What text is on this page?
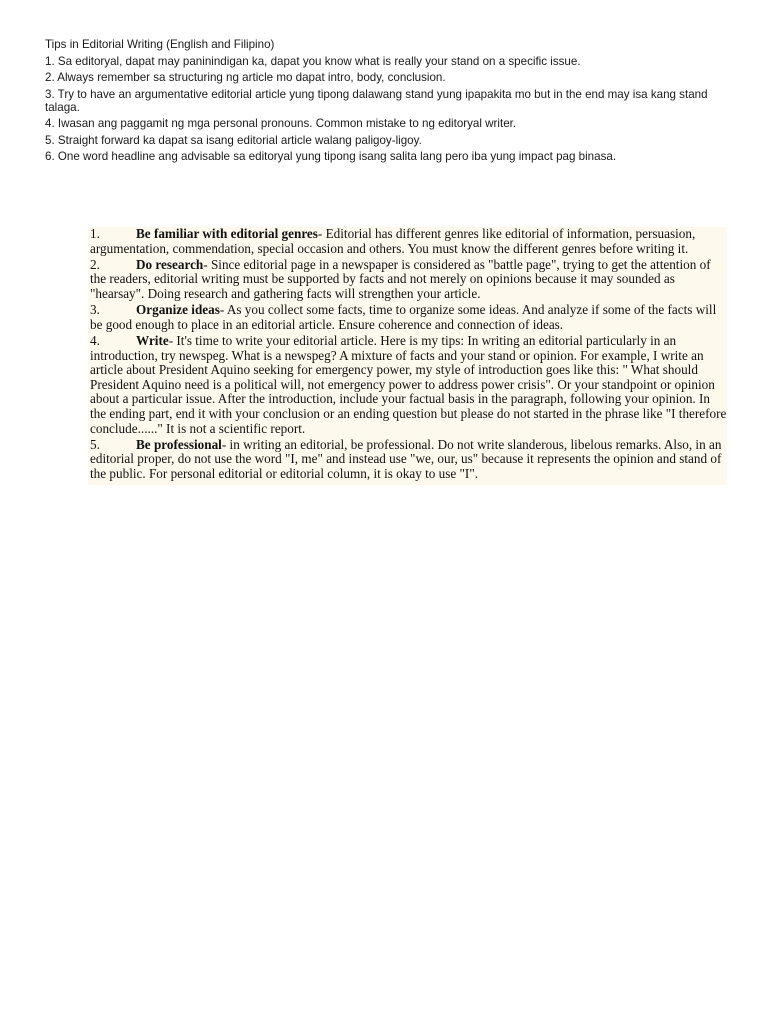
Tips in Editorial Writing (English and Filipino)
1. Sa editoryal, dapat may paninindigan ka, dapat you know what is really your stand on a specific issue.
2. Always remember sa structuring ng article mo dapat intro, body, conclusion.
3. Try to have an argumentative editorial article yung tipong dalawang stand yung ipapakita mo but in the end may isa kang stand talaga.
4. Iwasan ang paggamit ng mga personal pronouns. Common mistake to ng editoryal writer.
5. Straight forward ka dapat sa isang editorial article walang paligoy-ligoy.
6. One word headline ang advisable sa editoryal yung tipong isang salita lang pero iba yung impact pag binasa.
1.	Be familiar with editorial genres- Editorial has different genres like editorial of information, persuasion, argumentation, commendation, special occasion and others. You must know the different genres before writing it.
2.	Do research- Since editorial page in a newspaper is considered as "battle page", trying to get the attention of the readers, editorial writing must be supported by facts and not merely on opinions because it may sounded as "hearsay". Doing research and gathering facts will strengthen your article.
3.	Organize ideas- As you collect some facts, time to organize some ideas. And analyze if some of the facts will be good enough to place in an editorial article. Ensure coherence and connection of ideas.
4.	Write- It's time to write your editorial article. Here is my tips: In writing an editorial particularly in an introduction, try newspeg. What is a newspeg? A mixture of facts and your stand or opinion. For example, I write an article about President Aquino seeking for emergency power, my style of introduction goes like this: " What should President Aquino need is a political will, not emergency power to address power crisis". Or your standpoint or opinion about a particular issue. After the introduction, include your factual basis in the paragraph, following your opinion. In the ending part, end it with your conclusion or an ending question but please do not started in the phrase like "I therefore conclude......" It is not a scientific report.
5.	Be professional- in writing an editorial, be professional. Do not write slanderous, libelous remarks. Also, in an editorial proper, do not use the word "I, me" and instead use "we, our, us" because it represents the opinion and stand of the public. For personal editorial or editorial column, it is okay to use "I".
